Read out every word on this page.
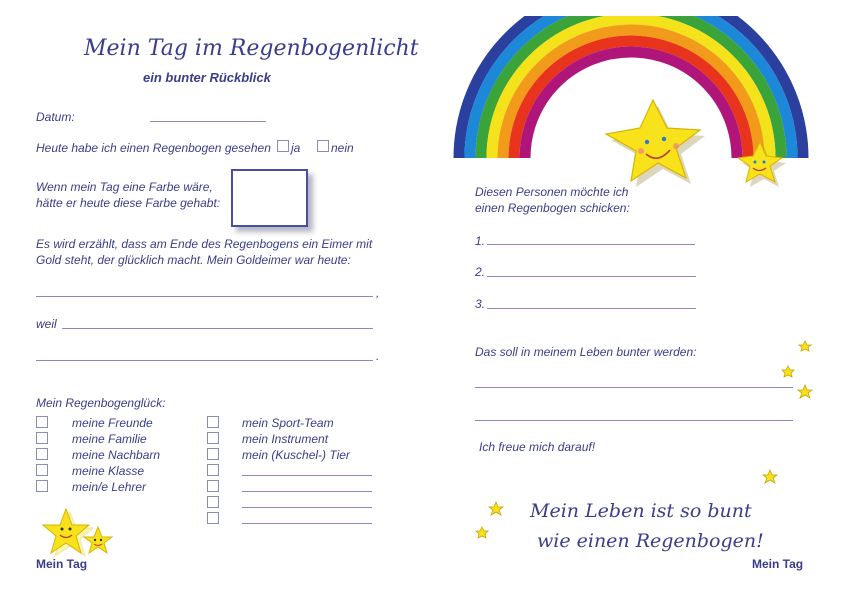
Mein Tag im Regenbogenlicht
ein bunter Rückblick
Datum:
Heute habe ich einen Regenbogen gesehen ja	nein
Wenn mein Tag eine Farbe wäre,
hätte er heute diese Farbe gehabt:
Es wird erzählt, dass am Ende des Regenbogens ein Eimer mit
Gold steht, der glücklich macht. Mein Goldeimer war heute:
,
weil
.
Mein Regenbogenglück:
meine Freunde
meine Familie
meine Nachbarn
meine Klasse
mein/e Lehrer
mein Sport-Team
mein Instrument
mein (Kuschel-) Tier
Mein Tag
Diesen Personen möchte ich
einen Regenbogen schicken:
1.
2.
3.
Das soll in meinem Leben bunter werden:
Ich freue mich darauf!
Mein Leben ist so bunt
wie einen Regenbogen!
Mein Tag
